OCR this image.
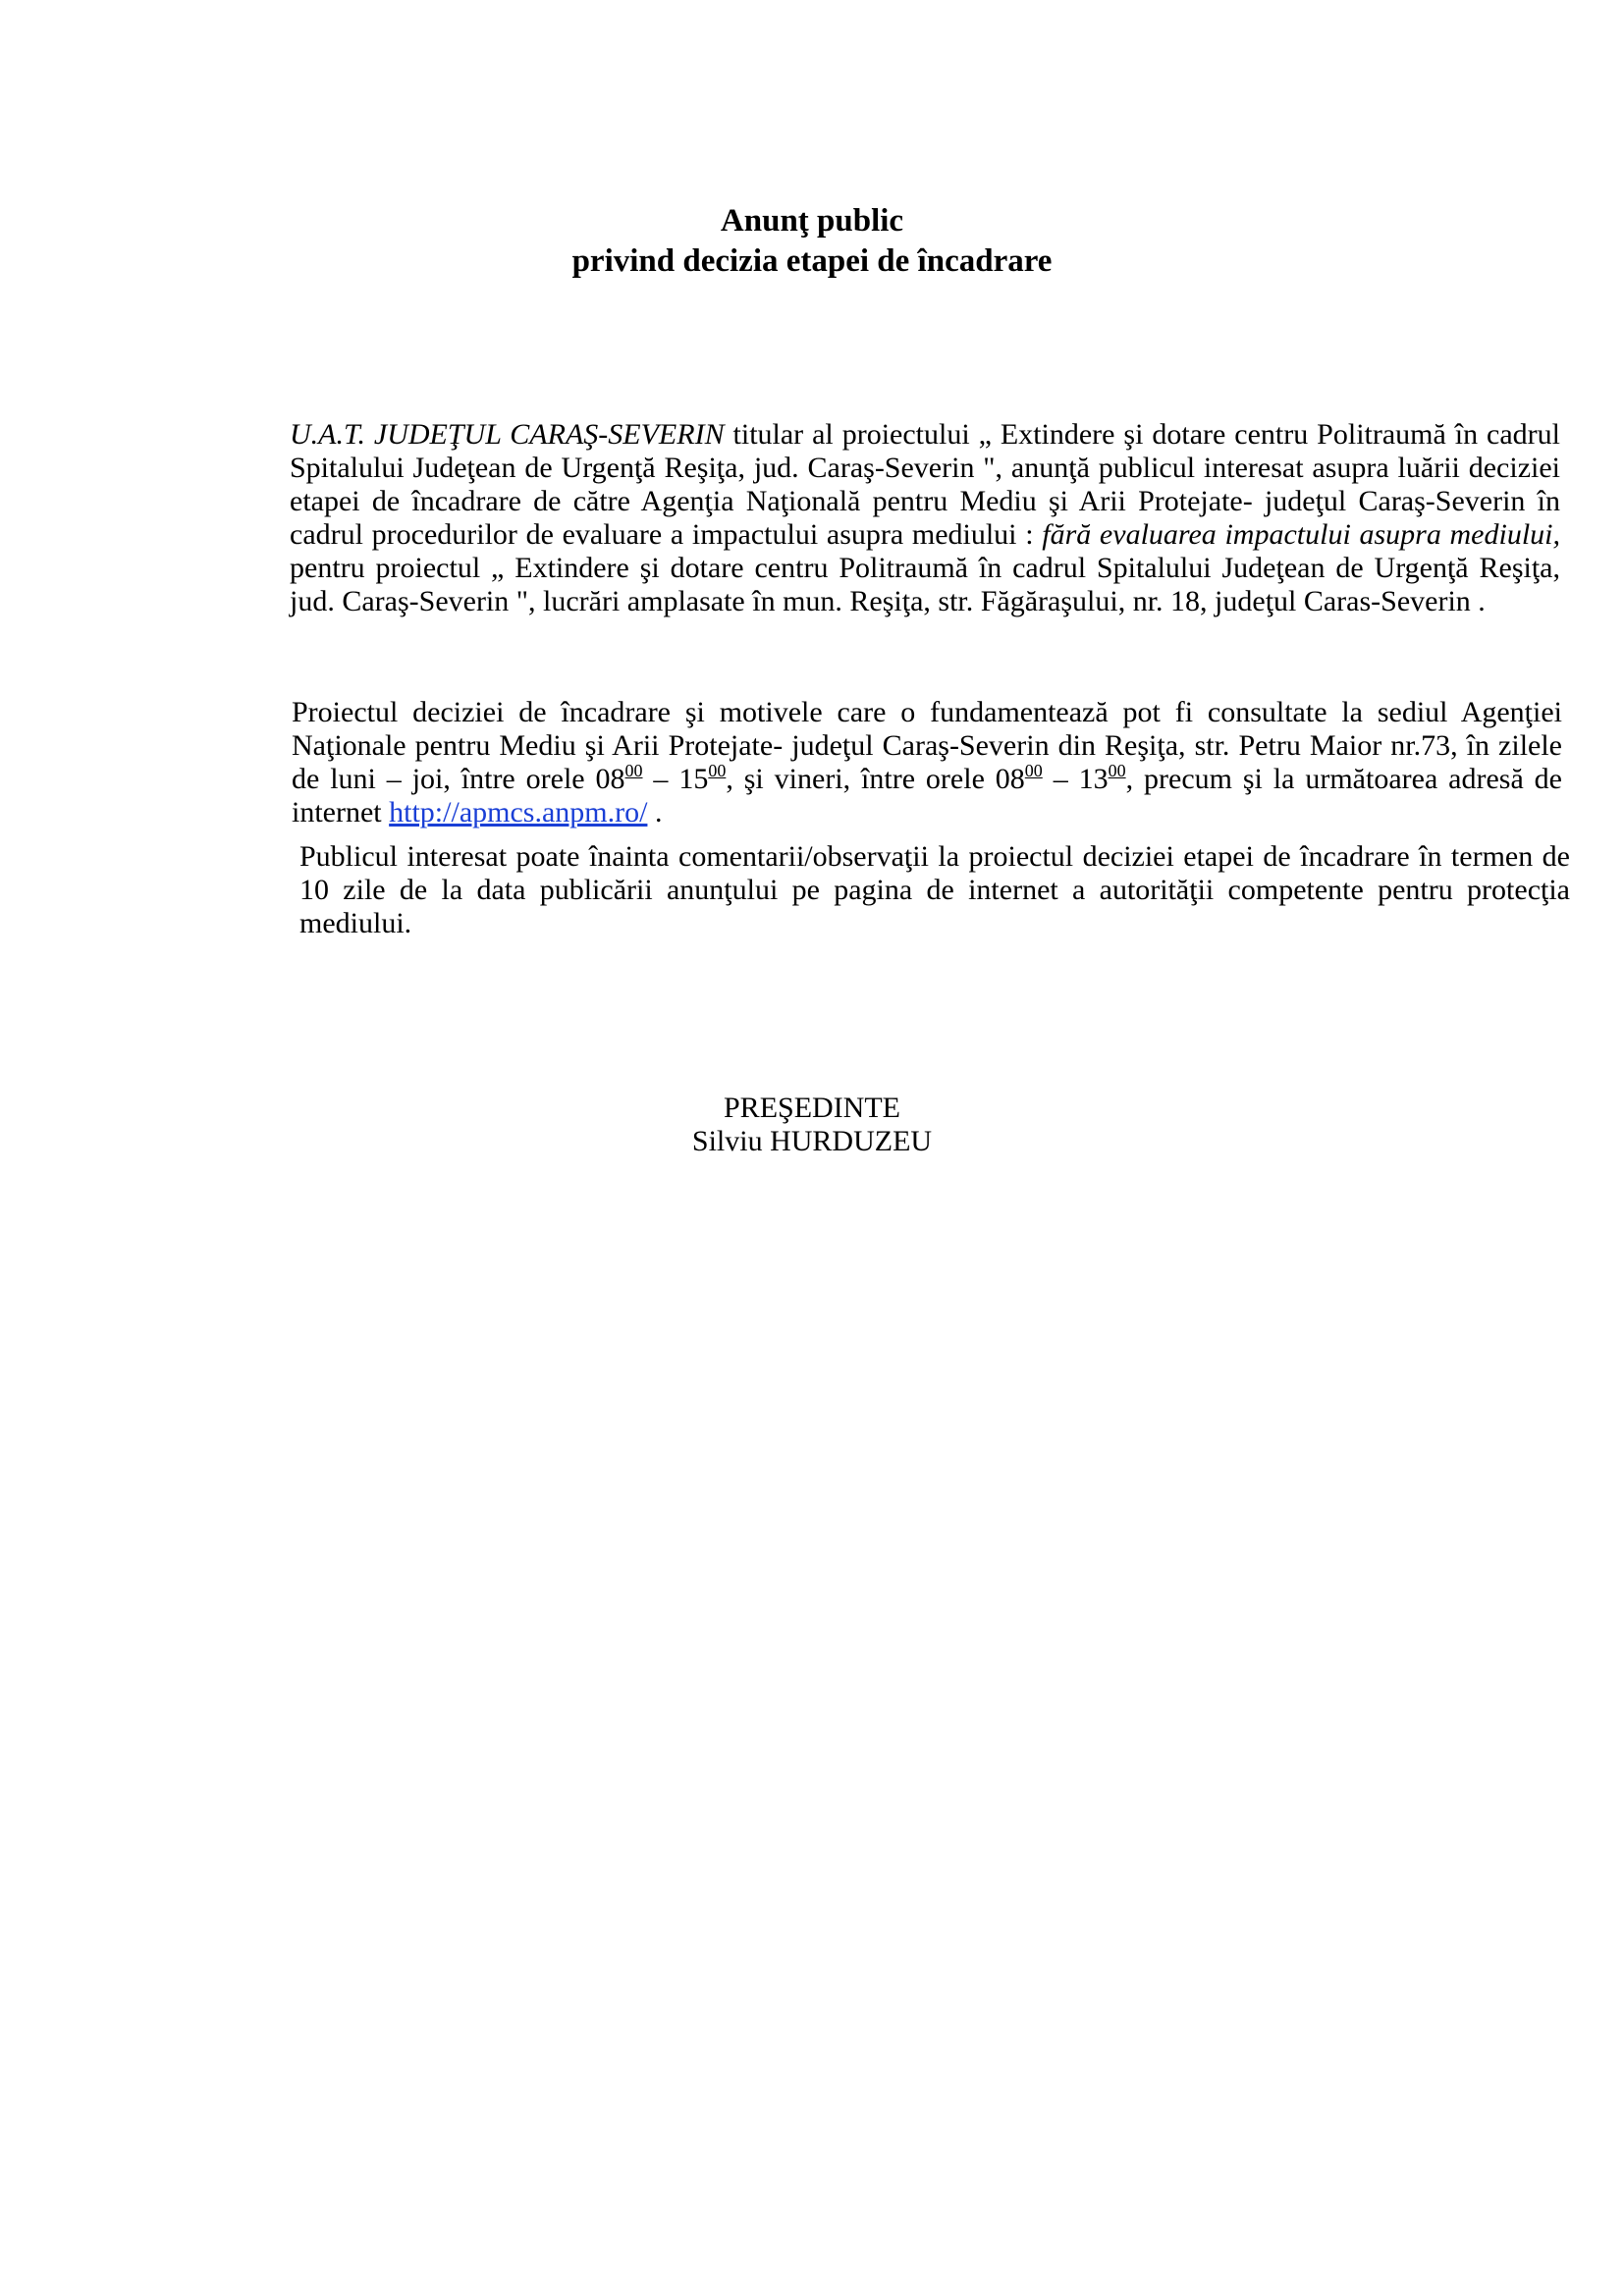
Anunţ public
privind decizia etapei de încadrare
U.A.T. JUDEŢUL CARAŞ-SEVERIN titular al proiectului „ Extindere şi dotare centru Politraumă în cadrul Spitalului Judeţean de Urgenţă Reşiţa, jud. Caraş-Severin ", anunţă publicul interesat asupra luării deciziei etapei de încadrare de către Agenţia Naţională pentru Mediu şi Arii Protejate- judeţul Caraş-Severin în cadrul procedurilor de evaluare a impactului asupra mediului : fără evaluarea impactului asupra mediului, pentru proiectul „ Extindere şi dotare centru Politraumă în cadrul Spitalului Judeţean de Urgenţă Reşiţa, jud. Caraş-Severin ", lucrări amplasate în mun. Reşiţa, str. Făgăraşului, nr. 18, judeţul Caras-Severin .
Proiectul deciziei de încadrare şi motivele care o fundamentează pot fi consultate la sediul Agenţiei Naţionale pentru Mediu şi Arii Protejate- judeţul Caraş-Severin din Reşiţa, str. Petru Maior nr.73, în zilele de luni – joi, între orele $08^{00} - 15^{00}$, şi vineri, între orele $08^{00} - 13^{00}$, precum şi la următoarea adresă de internet http://apmcs.anpm.ro/ .
Publicul interesat poate înainta comentarii/observaţii la proiectul deciziei etapei de încadrare în termen de 10 zile de la data publicării anunţului pe pagina de internet a autorităţii competente pentru protecţia mediului.
PREŞEDINTE
Silviu HURDUZEU
